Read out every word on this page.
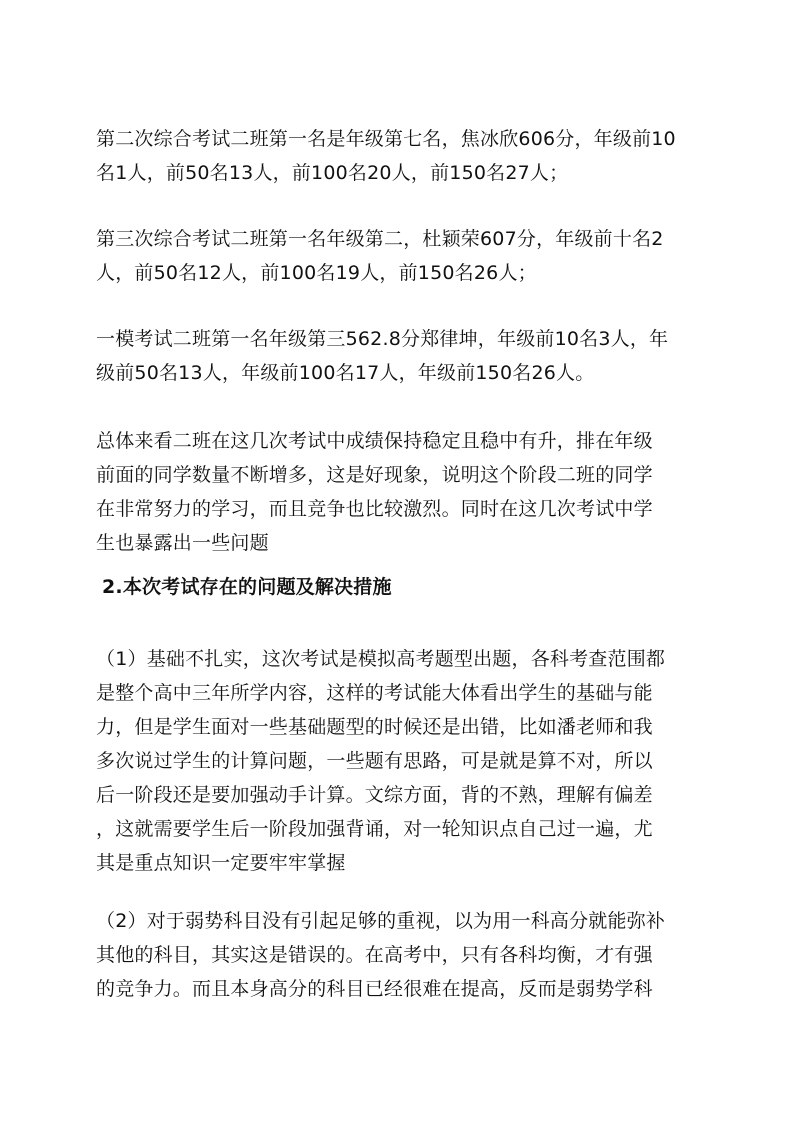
第二次综合考试二班第一名是年级第七名，焦冰欣606分，年级前10
名1人，前50名13人，前100名20人，前150名27人；
第三次综合考试二班第一名年级第二，杜颖荣607分，年级前十名2
人，前50名12人，前100名19人，前150名26人；
一模考试二班第一名年级第三562.8分郑律坤，年级前10名3人，年
级前50名13人，年级前100名17人，年级前150名26人。
总体来看二班在这几次考试中成绩保持稳定且稳中有升，排在年级
前面的同学数量不断增多，这是好现象，说明这个阶段二班的同学
在非常努力的学习，而且竞争也比较激烈。同时在这几次考试中学
生也暴露出一些问题
2.本次考试存在的问题及解决措施
（1）基础不扎实，这次考试是模拟高考题型出题，各科考查范围都
是整个高中三年所学内容，这样的考试能大体看出学生的基础与能
力，但是学生面对一些基础题型的时候还是出错，比如潘老师和我
多次说过学生的计算问题，一些题有思路，可是就是算不对，所以
后一阶段还是要加强动手计算。文综方面，背的不熟，理解有偏差
，这就需要学生后一阶段加强背诵，对一轮知识点自己过一遍，尤
其是重点知识一定要牢牢掌握
（2）对于弱势科目没有引起足够的重视，以为用一科高分就能弥补
其他的科目，其实这是错误的。在高考中，只有各科均衡，才有强
的竞争力。而且本身高分的科目已经很难在提高，反而是弱势学科
